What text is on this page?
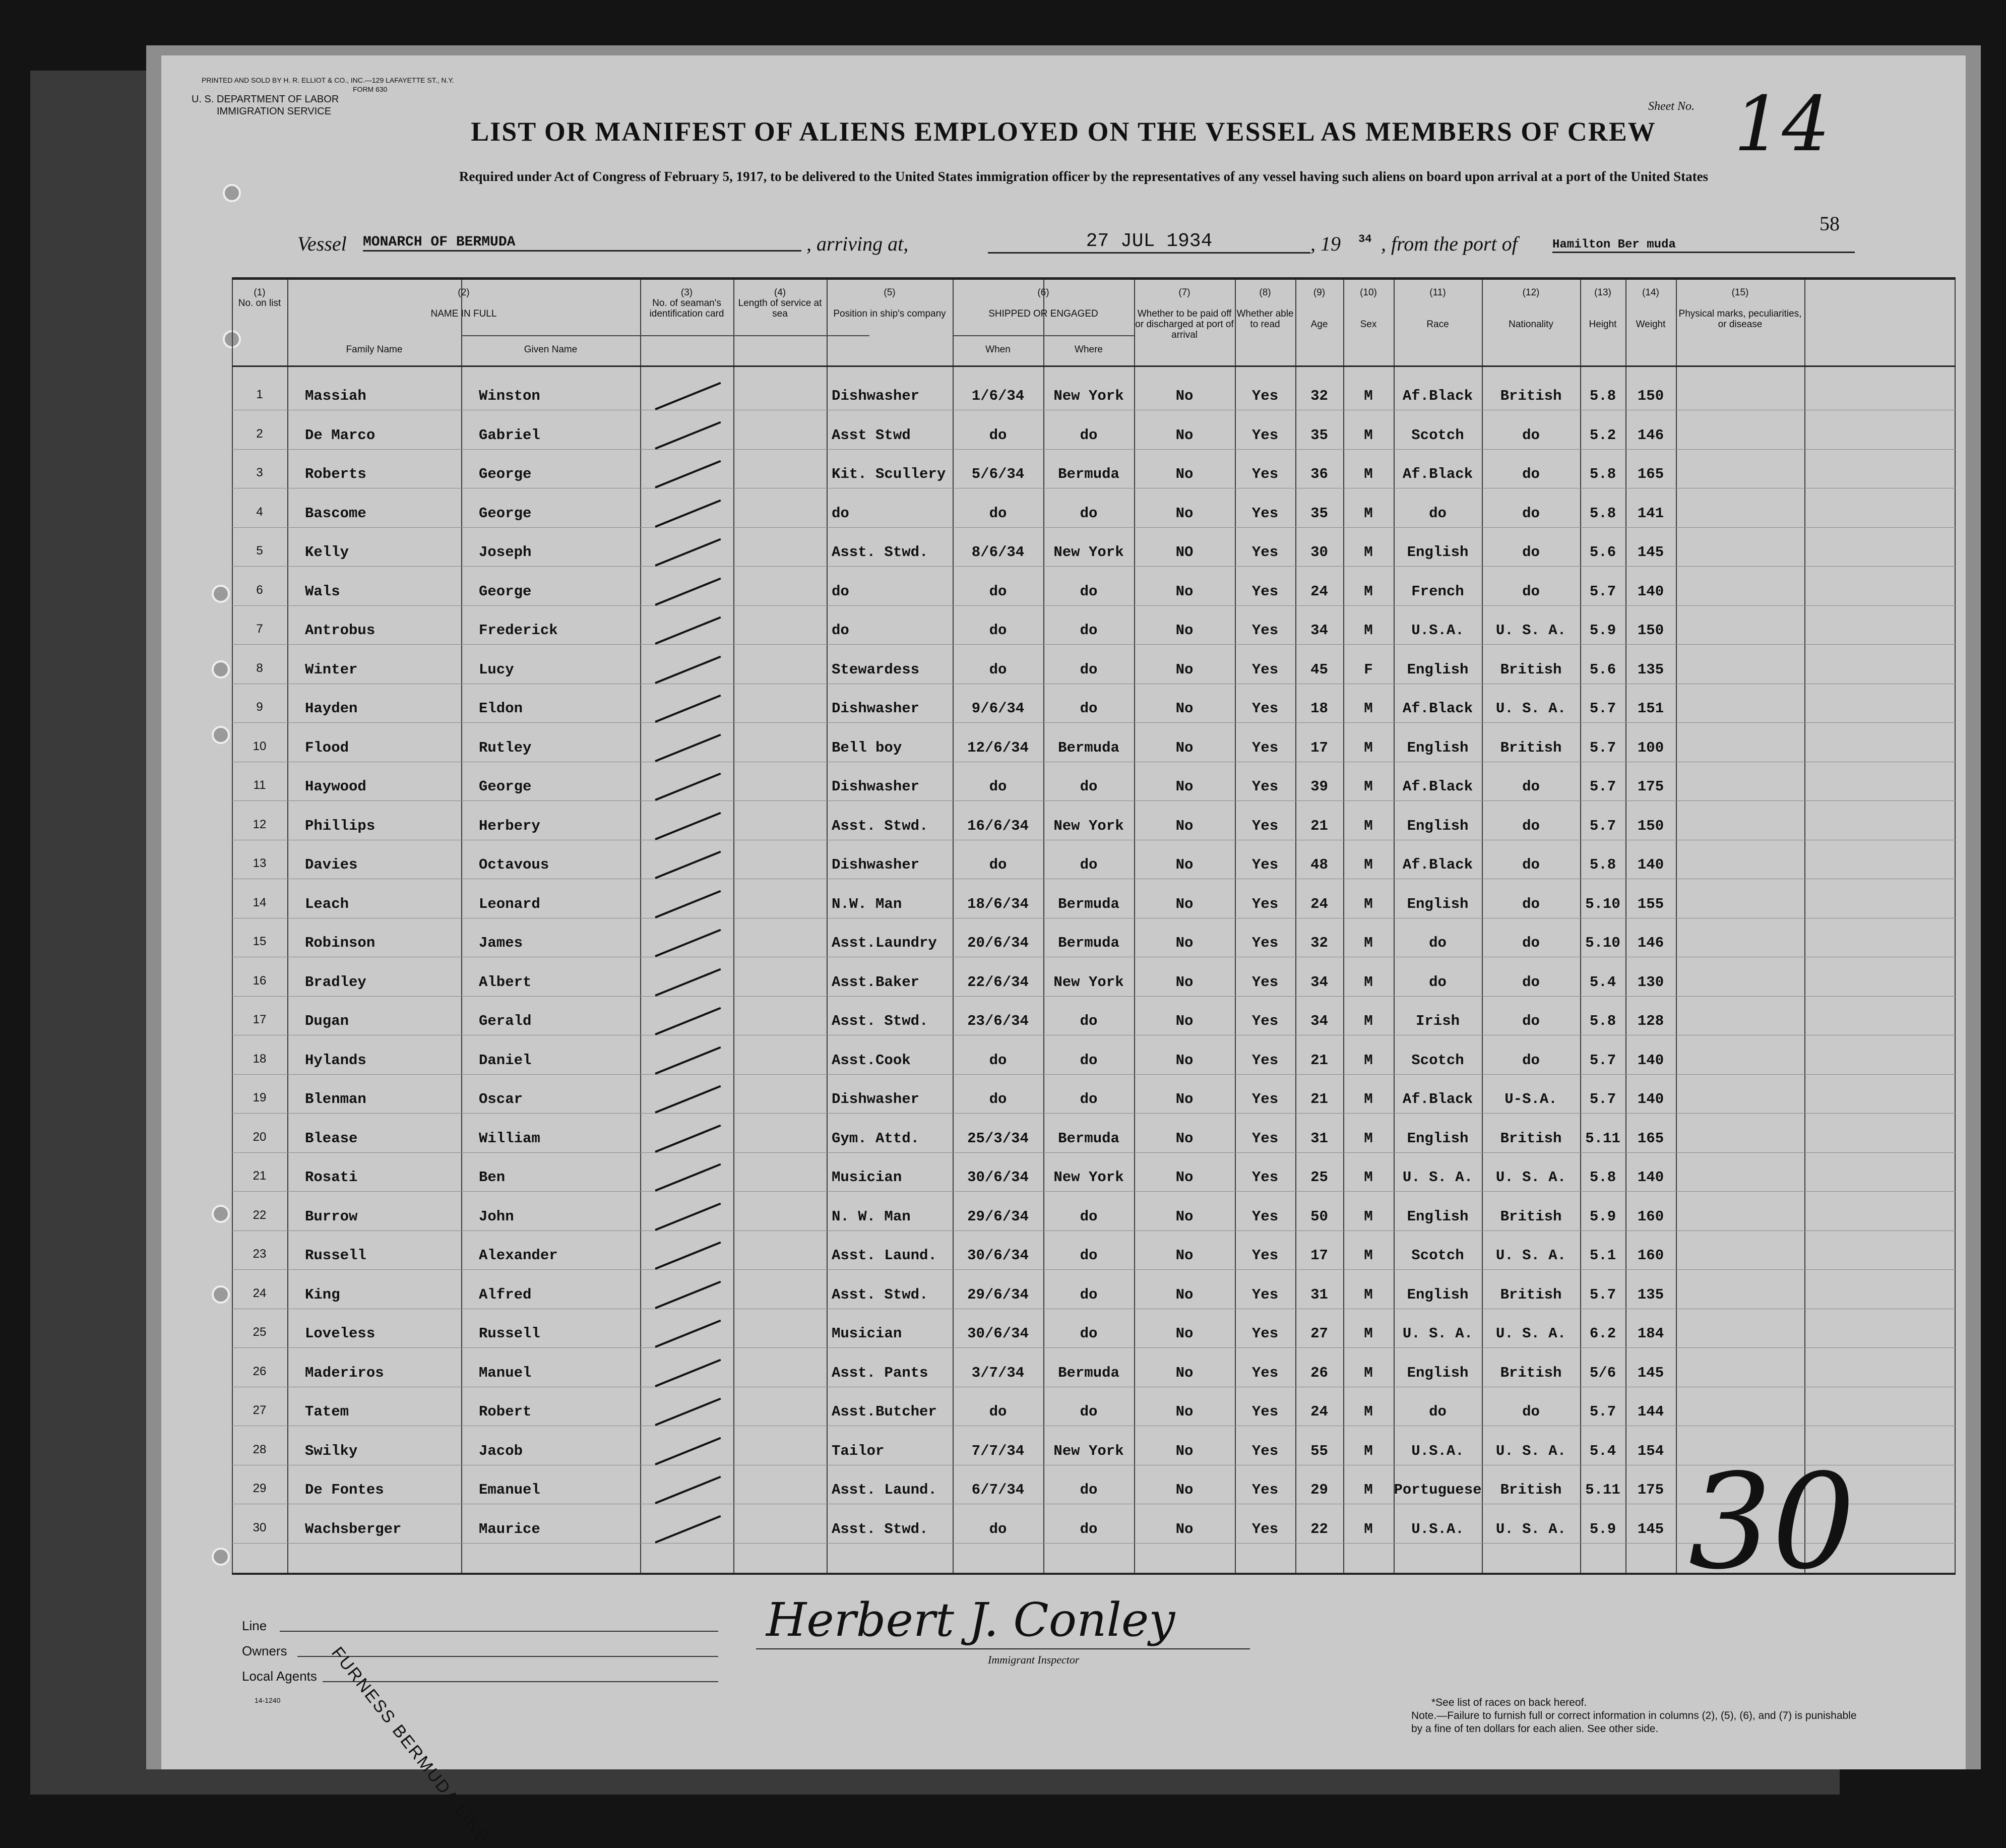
PRINTED AND SOLD BY H. R. ELLIOT & CO., INC.—129 LAFAYETTE ST., N.Y.
FORM 630
U. S. DEPARTMENT OF LABOR
IMMIGRATION SERVICE	Sheet No. 14
LIST OR MANIFEST OF ALIENS EMPLOYED ON THE VESSEL AS MEMBERS OF CREW
Required under Act of Congress of February 5, 1917, to be delivered to the United States immigration officer by the representatives of any vessel having such aliens on board upon arrival at a port of the United States
58
Vessel MONARCH OF BERMUDA	, arriving at,	27 JUL 1934	, 19 34 , from the port of	Hamilton Ber muda
(1)
No. on list
(2)

NAME IN FULL
Family Name	Given Name
(3)
No. of seaman's identification card
(4)
Length of service at sea
(5)

Position in ship's company
(6)

SHIPPED OR ENGAGED
When	Where
(7)

Whether to be paid off or discharged at port of arrival
(8)

Whether able to read
(9)

Age
(10)

Sex
(11)

Race
(12)

Nationality
(13)

Height
(14)

Weight
(15)

Physical marks, peculiarities, or disease
1	Massiah	Winston	Dishwasher	1/6/34	New York	No	Yes	32	M	Af.Black	British	5.8	150
2	De Marco	Gabriel	Asst Stwd	do	do	No	Yes	35	M	Scotch	do	5.2	146
3	Roberts	George	Kit. Scullery	5/6/34	Bermuda	No	Yes	36	M	Af.Black	do	5.8	165
4	Bascome	George	do	do	do	No	Yes	35	M	do	do	5.8	141
5	Kelly	Joseph	Asst. Stwd.	8/6/34	New York	NO	Yes	30	M	English	do	5.6	145
6	Wals	George	do	do	do	No	Yes	24	M	French	do	5.7	140
7	Antrobus	Frederick	do	do	do	No	Yes	34	M	U.S.A.	U. S. A.	5.9	150
8	Winter	Lucy	Stewardess	do	do	No	Yes	45	F	English	British	5.6	135
9	Hayden	Eldon	Dishwasher	9/6/34	do	No	Yes	18	M	Af.Black	U. S. A.	5.7	151
10	Flood	Rutley	Bell boy	12/6/34	Bermuda	No	Yes	17	M	English	British	5.7	100
11	Haywood	George	Dishwasher	do	do	No	Yes	39	M	Af.Black	do	5.7	175
12	Phillips	Herbery	Asst. Stwd.	16/6/34	New York	No	Yes	21	M	English	do	5.7	150
13	Davies	Octavous	Dishwasher	do	do	No	Yes	48	M	Af.Black	do	5.8	140
14	Leach	Leonard	N.W. Man	18/6/34	Bermuda	No	Yes	24	M	English	do	5.10	155
15	Robinson	James	Asst.Laundry	20/6/34	Bermuda	No	Yes	32	M	do	do	5.10	146
16	Bradley	Albert	Asst.Baker	22/6/34	New York	No	Yes	34	M	do	do	5.4	130
17	Dugan	Gerald	Asst. Stwd.	23/6/34	do	No	Yes	34	M	Irish	do	5.8	128
18	Hylands	Daniel	Asst.Cook	do	do	No	Yes	21	M	Scotch	do	5.7	140
19	Blenman	Oscar	Dishwasher	do	do	No	Yes	21	M	Af.Black	U-S.A.	5.7	140
20	Blease	William	Gym. Attd.	25/3/34	Bermuda	No	Yes	31	M	English	British	5.11	165
21	Rosati	Ben	Musician	30/6/34	New York	No	Yes	25	M	U. S. A.	U. S. A.	5.8	140
22	Burrow	John	N. W. Man	29/6/34	do	No	Yes	50	M	English	British	5.9	160
23	Russell	Alexander	Asst. Laund.	30/6/34	do	No	Yes	17	M	Scotch	U. S. A.	5.1	160
24	King	Alfred	Asst. Stwd.	29/6/34	do	No	Yes	31	M	English	British	5.7	135
25	Loveless	Russell	Musician	30/6/34	do	No	Yes	27	M	U. S. A.	U. S. A.	6.2	184
26	Maderiros	Manuel	Asst. Pants	3/7/34	Bermuda	No	Yes	26	M	English	British	5/6	145
27	Tatem	Robert	Asst.Butcher	do	do	No	Yes	24	M	do	do	5.7	144
28	Swilky	Jacob	Tailor	7/7/34	New York	No	Yes	55	M	U.S.A.	U. S. A.	5.4	154
29	De Fontes	Emanuel	Asst. Laund.	6/7/34	do	No	Yes	29	M	Portuguese	British	5.11	175
30	Wachsberger	Maurice	Asst. Stwd.	do	do	No	Yes	22	M	U.S.A.	U. S. A.	5.9	145
Line
Owners
Local Agents
14-1240	FURNESS BERMUDA LINE
Herbert J. Conley
Immigrant Inspector
30
*See list of races on back hereof.
Note.—Failure to furnish full or correct information in columns (2), (5), (6), and (7) is punishable by a fine of ten dollars for each alien. See other side.
